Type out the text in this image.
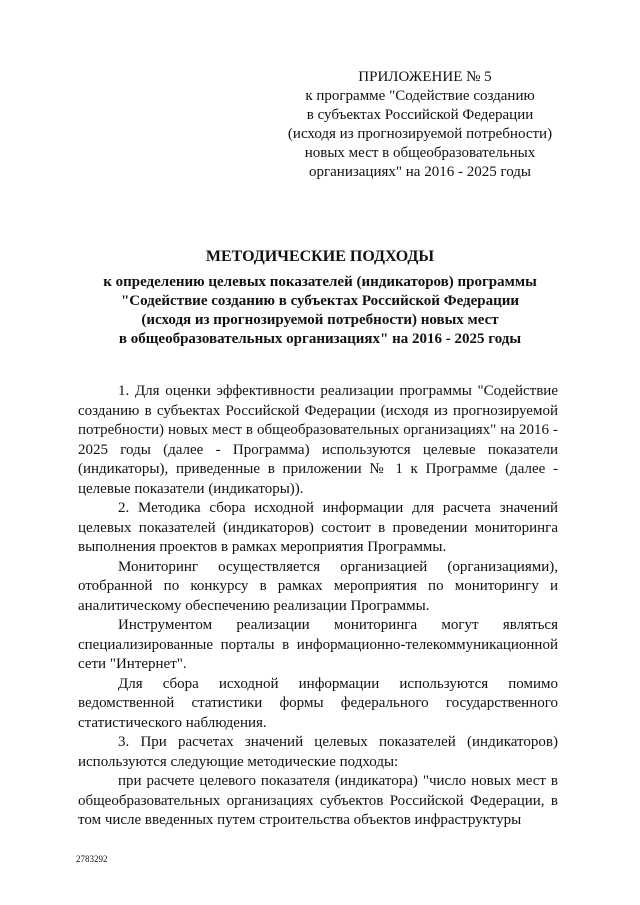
ПРИЛОЖЕНИЕ № 5
к программе "Содействие созданию
в субъектах Российской Федерации
(исходя из прогнозируемой потребности)
новых мест в общеобразовательных
организациях" на 2016 - 2025 годы
МЕТОДИЧЕСКИЕ ПОДХОДЫ
к определению целевых показателей (индикаторов) программы
"Содействие созданию в субъектах Российской Федерации
(исходя из прогнозируемой потребности) новых мест
в общеобразовательных организациях" на 2016 - 2025 годы

1. Для оценки эффективности реализации программы "Содействие созданию в субъектах Российской Федерации (исходя из прогнозируемой потребности) новых мест в общеобразовательных организациях" на 2016 - 2025 годы (далее - Программа) используются целевые показатели (индикаторы), приведенные в приложении № 1 к Программе (далее - целевые показатели (индикаторы)).

2. Методика сбора исходной информации для расчета значений целевых показателей (индикаторов) состоит в проведении мониторинга выполнения проектов в рамках мероприятия Программы.

Мониторинг осуществляется организацией (организациями), отобранной по конкурсу в рамках мероприятия по мониторингу и аналитическому обеспечению реализации Программы.

Инструментом реализации мониторинга могут являться специализированные порталы в информационно-телекоммуникационной сети "Интернет".

Для сбора исходной информации используются помимо ведомственной статистики формы федерального государственного статистического наблюдения.

3. При расчетах значений целевых показателей (индикаторов) используются следующие методические подходы:

при расчете целевого показателя (индикатора) "число новых мест в общеобразовательных организациях субъектов Российской Федерации, в том числе введенных путем строительства объектов инфраструктуры

2783292
